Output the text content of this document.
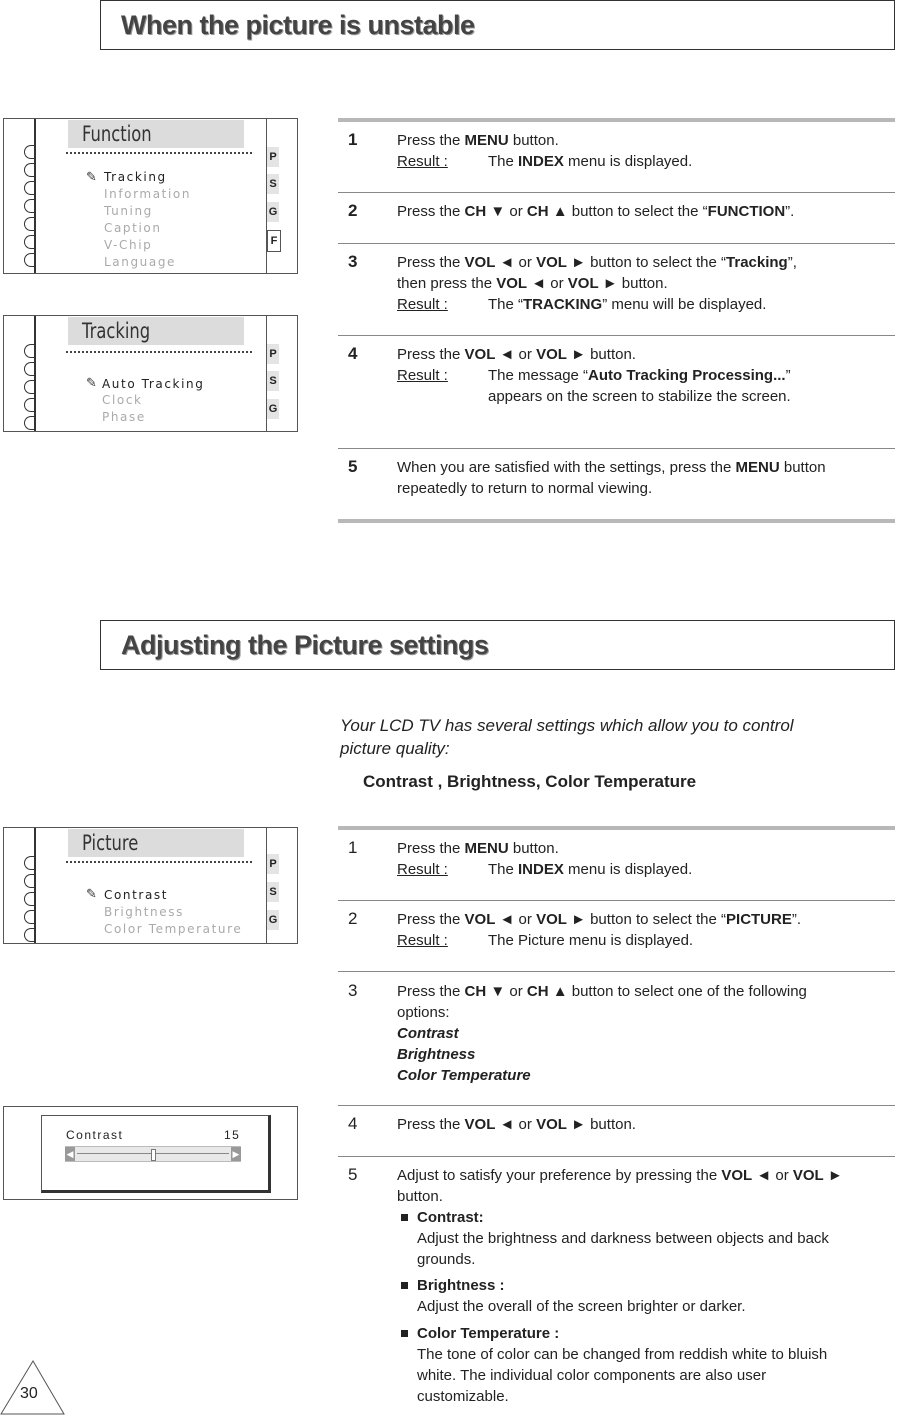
When the picture is unstable
Function
✎ Tracking
Information
Tuning
Caption
V-Chip
Language
P
S
G
F
Tracking
✎ Auto Tracking
Clock
Phase
P
S
G
1	Press the MENU button.
Result :	The INDEX menu is displayed.
2	Press the CH ▼ or CH ▲ button to select the “FUNCTION”.
3	Press the VOL ◄ or VOL ► button to select the “Tracking”,
then press the VOL ◄ or VOL ► button.
Result :	The “TRACKING” menu will be displayed.
4	Press the VOL ◄ or VOL ► button.
Result :	The message “Auto Tracking Processing...”
appears on the screen to stabilize the screen.
5	When you are satisfied with the settings, press the MENU button
repeatedly to return to normal viewing.
Adjusting the Picture settings
Your LCD TV has several settings which allow you to control
picture quality:
Contrast , Brightness, Color Temperature
Picture
✎ Contrast
Brightness
Color Temperature
P
S
G
Contrast	15
◀	▶
1	Press the MENU button.
Result :	The INDEX menu is displayed.
2	Press the VOL ◄ or VOL ► button to select the “PICTURE”.
Result :	The Picture menu is displayed.
3	Press the CH ▼ or CH ▲ button to select one of the following
options:
Contrast
Brightness
Color Temperature
4	Press the VOL ◄ or VOL ► button.
5	Adjust to satisfy your preference by pressing the VOL ◄ or VOL ►
button.
Contrast:
Adjust the brightness and darkness between objects and back
grounds.
Brightness :
Adjust the overall of the screen brighter or darker.
Color Temperature :
The tone of color can be changed from reddish white to bluish
white. The individual color components are also user
customizable.
30
